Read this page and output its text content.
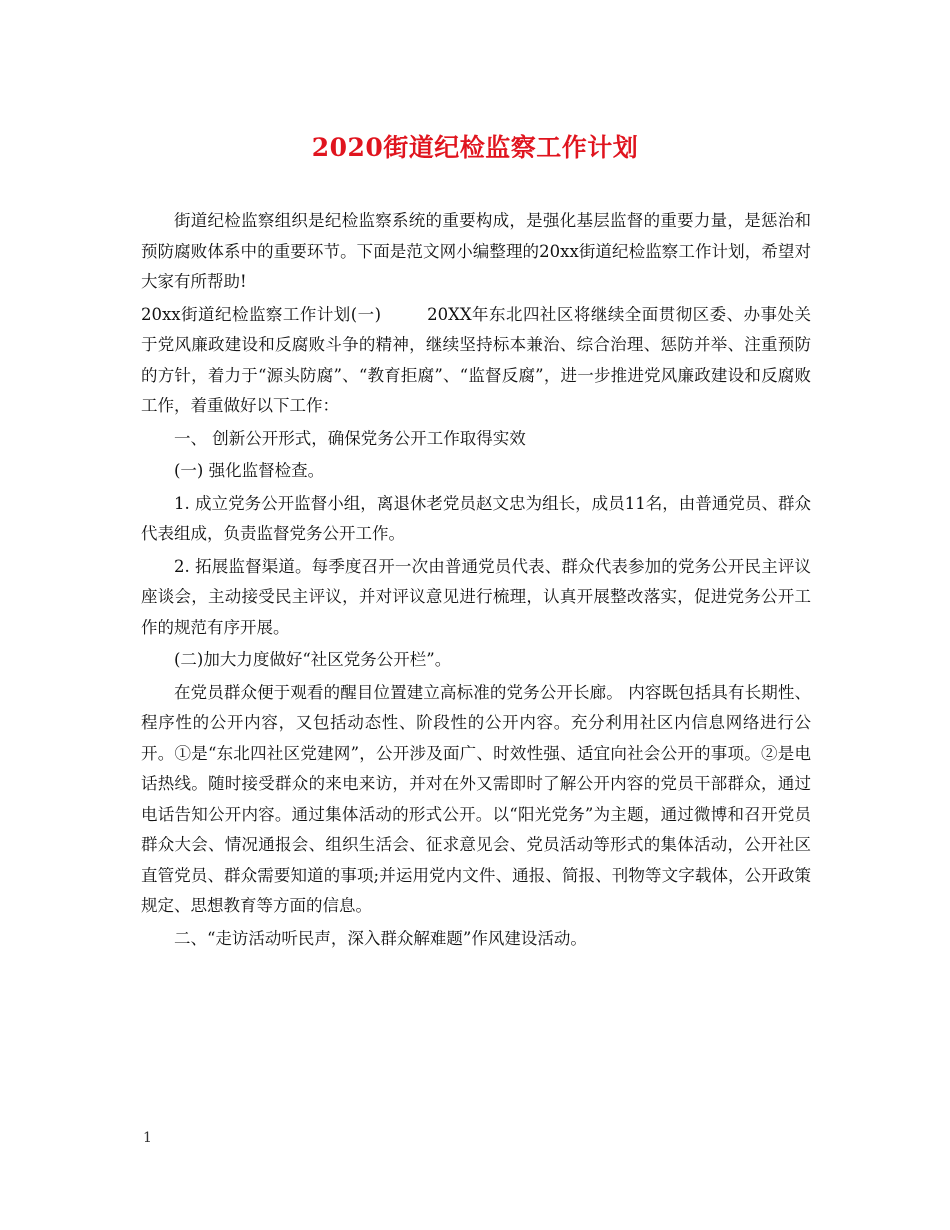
2020街道纪检监察工作计划

街道纪检监察组织是纪检监察系统的重要构成，是强化基层监督的重要力量，是惩治和预防腐败体系中的重要环节。下面是范文网小编整理的20xx街道纪检监察工作计划，希望对大家有所帮助!

20xx街道纪检监察工作计划(一)	20XX年东北四社区将继续全面贯彻区委、办事处关于党风廉政建设和反腐败斗争的精神，继续坚持标本兼治、综合治理、惩防并举、注重预防的方针，着力于“源头防腐”、“教育拒腐”、“监督反腐”，进一步推进党风廉政建设和反腐败工作，着重做好以下工作：

一、 创新公开形式，确保党务公开工作取得实效

(一) 强化监督检查。

1. 成立党务公开监督小组，离退休老党员赵文忠为组长，成员11名，由普通党员、群众代表组成，负责监督党务公开工作。

2. 拓展监督渠道。每季度召开一次由普通党员代表、群众代表参加的党务公开民主评议座谈会，主动接受民主评议，并对评议意见进行梳理，认真开展整改落实，促进党务公开工作的规范有序开展。

(二)加大力度做好“社区党务公开栏”。

在党员群众便于观看的醒目位置建立高标准的党务公开长廊。 内容既包括具有长期性、程序性的公开内容，又包括动态性、阶段性的公开内容。充分利用社区内信息网络进行公开。①是“东北四社区党建网”，公开涉及面广、时效性强、适宜向社会公开的事项。②是电话热线。随时接受群众的来电来访，并对在外又需即时了解公开内容的党员干部群众，通过电话告知公开内容。通过集体活动的形式公开。以“阳光党务”为主题，通过微博和召开党员群众大会、情况通报会、组织生活会、征求意见会、党员活动等形式的集体活动，公开社区直管党员、群众需要知道的事项;并运用党内文件、通报、简报、刊物等文字载体，公开政策规定、思想教育等方面的信息。

二、“走访活动听民声，深入群众解难题”作风建设活动。

1
